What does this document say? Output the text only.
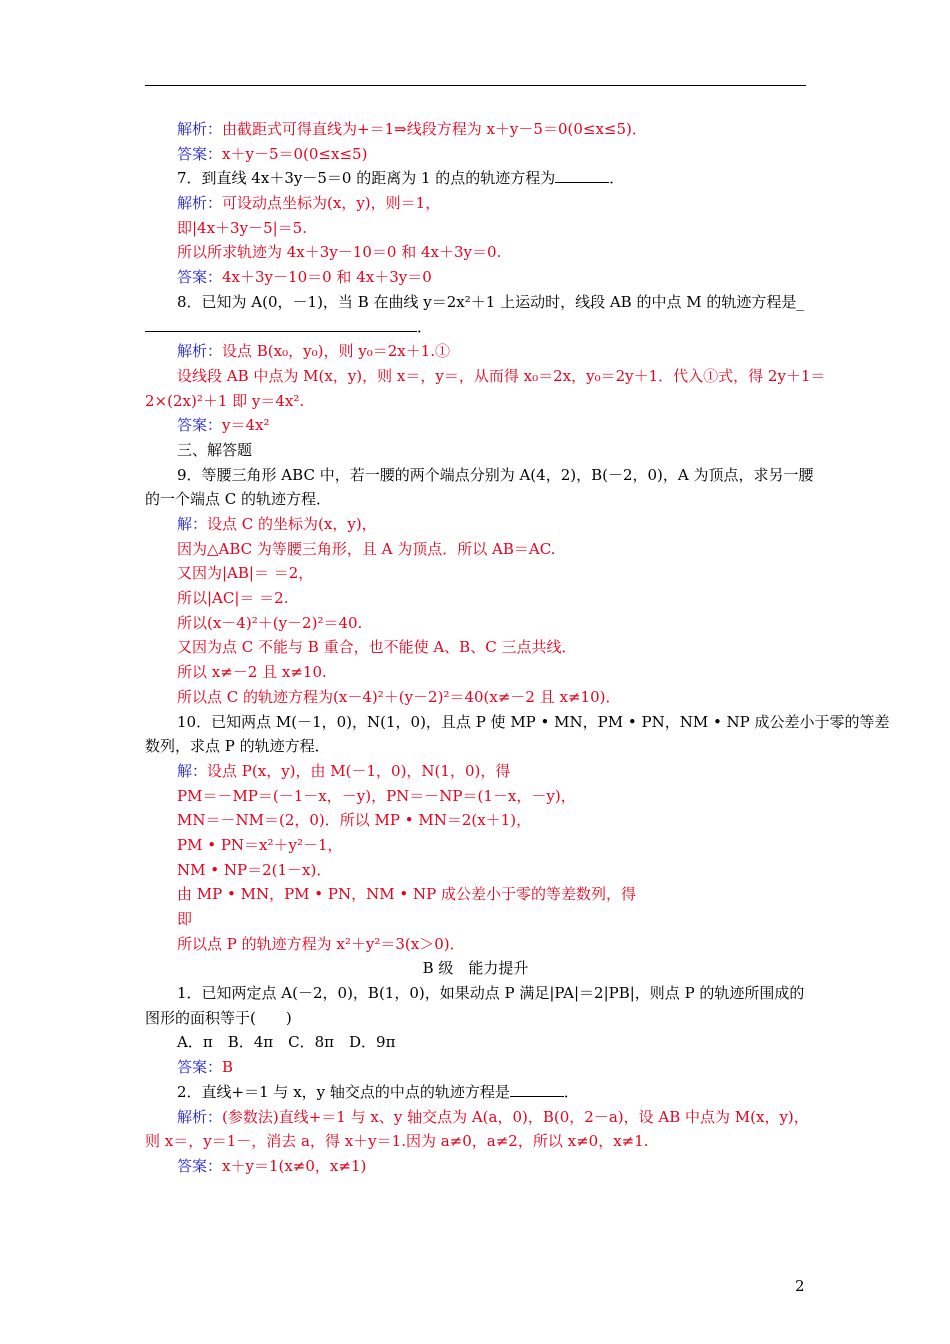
解析：由截距式可得直线为+＝1⇒线段方程为 x＋y－5＝0(0≤x≤5)．
答案：x＋y－5＝0(0≤x≤5)
7．到直线 4x＋3y－5＝0 的距离为 1 的点的轨迹方程为	．
解析：可设动点坐标为(x，y)，则＝1，
即|4x＋3y－5|＝5.
所以所求轨迹为 4x＋3y－10＝0 和 4x＋3y＝0.
答案：4x＋3y－10＝0 和 4x＋3y＝0
8．已知为 A(0，－1)，当 B 在曲线 y＝2x²＋1 上运动时，线段 AB 的中点 M 的轨迹方程是_
．
解析：设点 B(x₀，y₀)，则 y₀＝2x＋1.①
设线段 AB 中点为 M(x，y)，则 x＝，y＝，从而得 x₀＝2x，y₀＝2y＋1．代入①式，得 2y＋1＝
2×(2x)²＋1 即 y＝4x².
答案：y＝4x²
三、解答题
9．等腰三角形 ABC 中，若一腰的两个端点分别为 A(4，2)，B(－2，0)，A 为顶点，求另一腰
的一个端点 C 的轨迹方程．
解：设点 C 的坐标为(x，y)，
因为△ABC 为等腰三角形，且 A 为顶点．所以 AB＝AC.
又因为|AB|＝ ＝2，
所以|AC|＝ ＝2.
所以(x－4)²＋(y－2)²＝40.
又因为点 C 不能与 B 重合，也不能使 A、B、C 三点共线．
所以 x≠－2 且 x≠10.
所以点 C 的轨迹方程为(x－4)²＋(y－2)²＝40(x≠－2 且 x≠10)．
10．已知两点 M(－1，0)，N(1，0)，且点 P 使 MP • MN，PM • PN，NM • NP 成公差小于零的等差
数列，求点 P 的轨迹方程．
解：设点 P(x，y)，由 M(－1，0)，N(1，0)，得
PM＝－MP＝(－1－x，－y)，PN＝－NP＝(1－x，－y)，
MN＝－NM＝(2，0)．所以 MP • MN＝2(x＋1)，
PM • PN＝x²＋y²－1，
NM • NP＝2(1－x)．
由 MP • MN，PM • PN，NM • NP 成公差小于零的等差数列，得
即
所以点 P 的轨迹方程为 x²＋y²＝3(x＞0)．
B 级　能力提升
1．已知两定点 A(－2，0)，B(1，0)，如果动点 P 满足|PA|＝2|PB|，则点 P 的轨迹所围成的
图形的面积等于(　　)
A．π　B．4π　C．8π　D．9π
答案：B
2．直线+＝1 与 x，y 轴交点的中点的轨迹方程是	．
解析：(参数法)直线+＝1 与 x、y 轴交点为 A(a，0)，B(0，2－a)，设 AB 中点为 M(x，y)，
则 x＝，y＝1－，消去 a，得 x＋y＝1.因为 a≠0，a≠2，所以 x≠0，x≠1.
答案：x＋y＝1(x≠0，x≠1)
2
